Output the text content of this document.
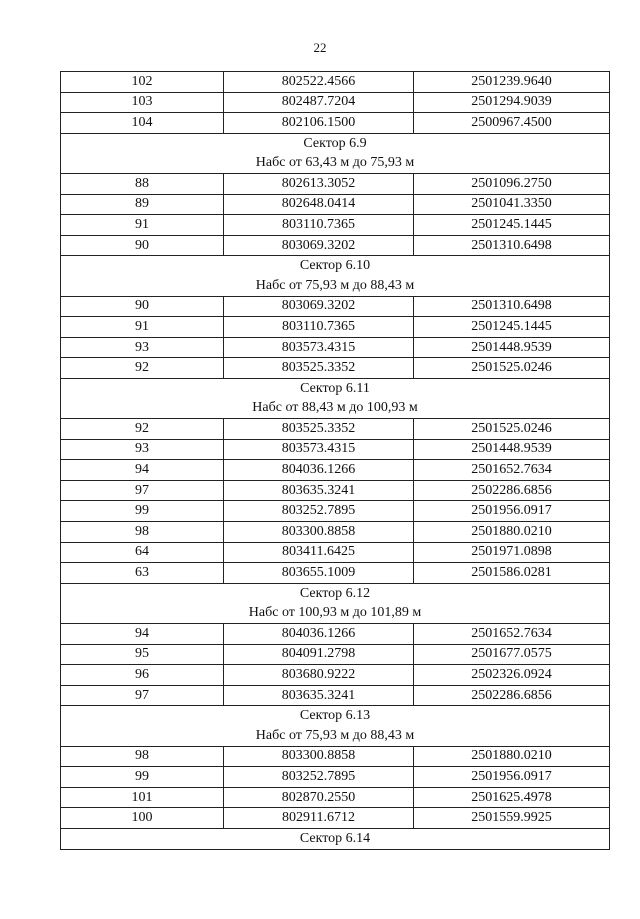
22
102	802522.4566	2501239.9640
103	802487.7204	2501294.9039
104	802106.1500	2500967.4500
Сектор 6.9		
Набс от 63,43 м до 75,93 м		
88	802613.3052	2501096.2750
89	802648.0414	2501041.3350
91	803110.7365	2501245.1445
90	803069.3202	2501310.6498
Сектор 6.10		
Набс от 75,93 м до 88,43 м		
90	803069.3202	2501310.6498
91	803110.7365	2501245.1445
93	803573.4315	2501448.9539
92	803525.3352	2501525.0246
Сектор 6.11		
Набс от 88,43 м до 100,93 м		
92	803525.3352	2501525.0246
93	803573.4315	2501448.9539
94	804036.1266	2501652.7634
97	803635.3241	2502286.6856
99	803252.7895	2501956.0917
98	803300.8858	2501880.0210
64	803411.6425	2501971.0898
63	803655.1009	2501586.0281
Сектор 6.12		
Набс от 100,93 м до 101,89 м		
94	804036.1266	2501652.7634
95	804091.2798	2501677.0575
96	803680.9222	2502326.0924
97	803635.3241	2502286.6856
Сектор 6.13		
Набс от 75,93 м до 88,43 м		
98	803300.8858	2501880.0210
99	803252.7895	2501956.0917
101	802870.2550	2501625.4978
100	802911.6712	2501559.9925
Сектор 6.14		
